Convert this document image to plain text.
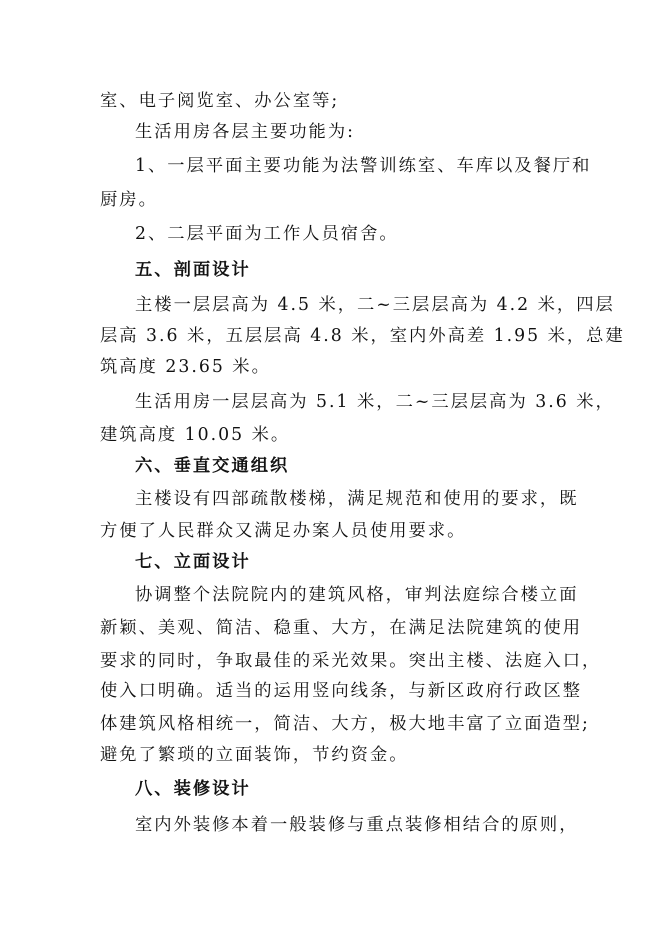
室、电子阅览室、办公室等;
生活用房各层主要功能为:
1、一层平面主要功能为法警训练室、车库以及餐厅和
厨房。
2、二层平面为工作人员宿舍。
五、剖面设计
主楼一层层高为 4.5 米，二~三层层高为 4.2 米，四层
层高 3.6 米，五层层高 4.8 米，室内外高差 1.95 米，总建
筑高度 23.65 米。
生活用房一层层高为 5.1 米，二~三层层高为 3.6 米，
建筑高度 10.05 米。
六、垂直交通组织
主楼设有四部疏散楼梯，满足规范和使用的要求，既
方便了人民群众又满足办案人员使用要求。
七、立面设计
协调整个法院院内的建筑风格，审判法庭综合楼立面
新颖、美观、简洁、稳重、大方，在满足法院建筑的使用
要求的同时，争取最佳的采光效果。突出主楼、法庭入口，
使入口明确。适当的运用竖向线条，与新区政府行政区整
体建筑风格相统一，简洁、大方，极大地丰富了立面造型;
避免了繁琐的立面装饰，节约资金。
八、装修设计
室内外装修本着一般装修与重点装修相结合的原则，
